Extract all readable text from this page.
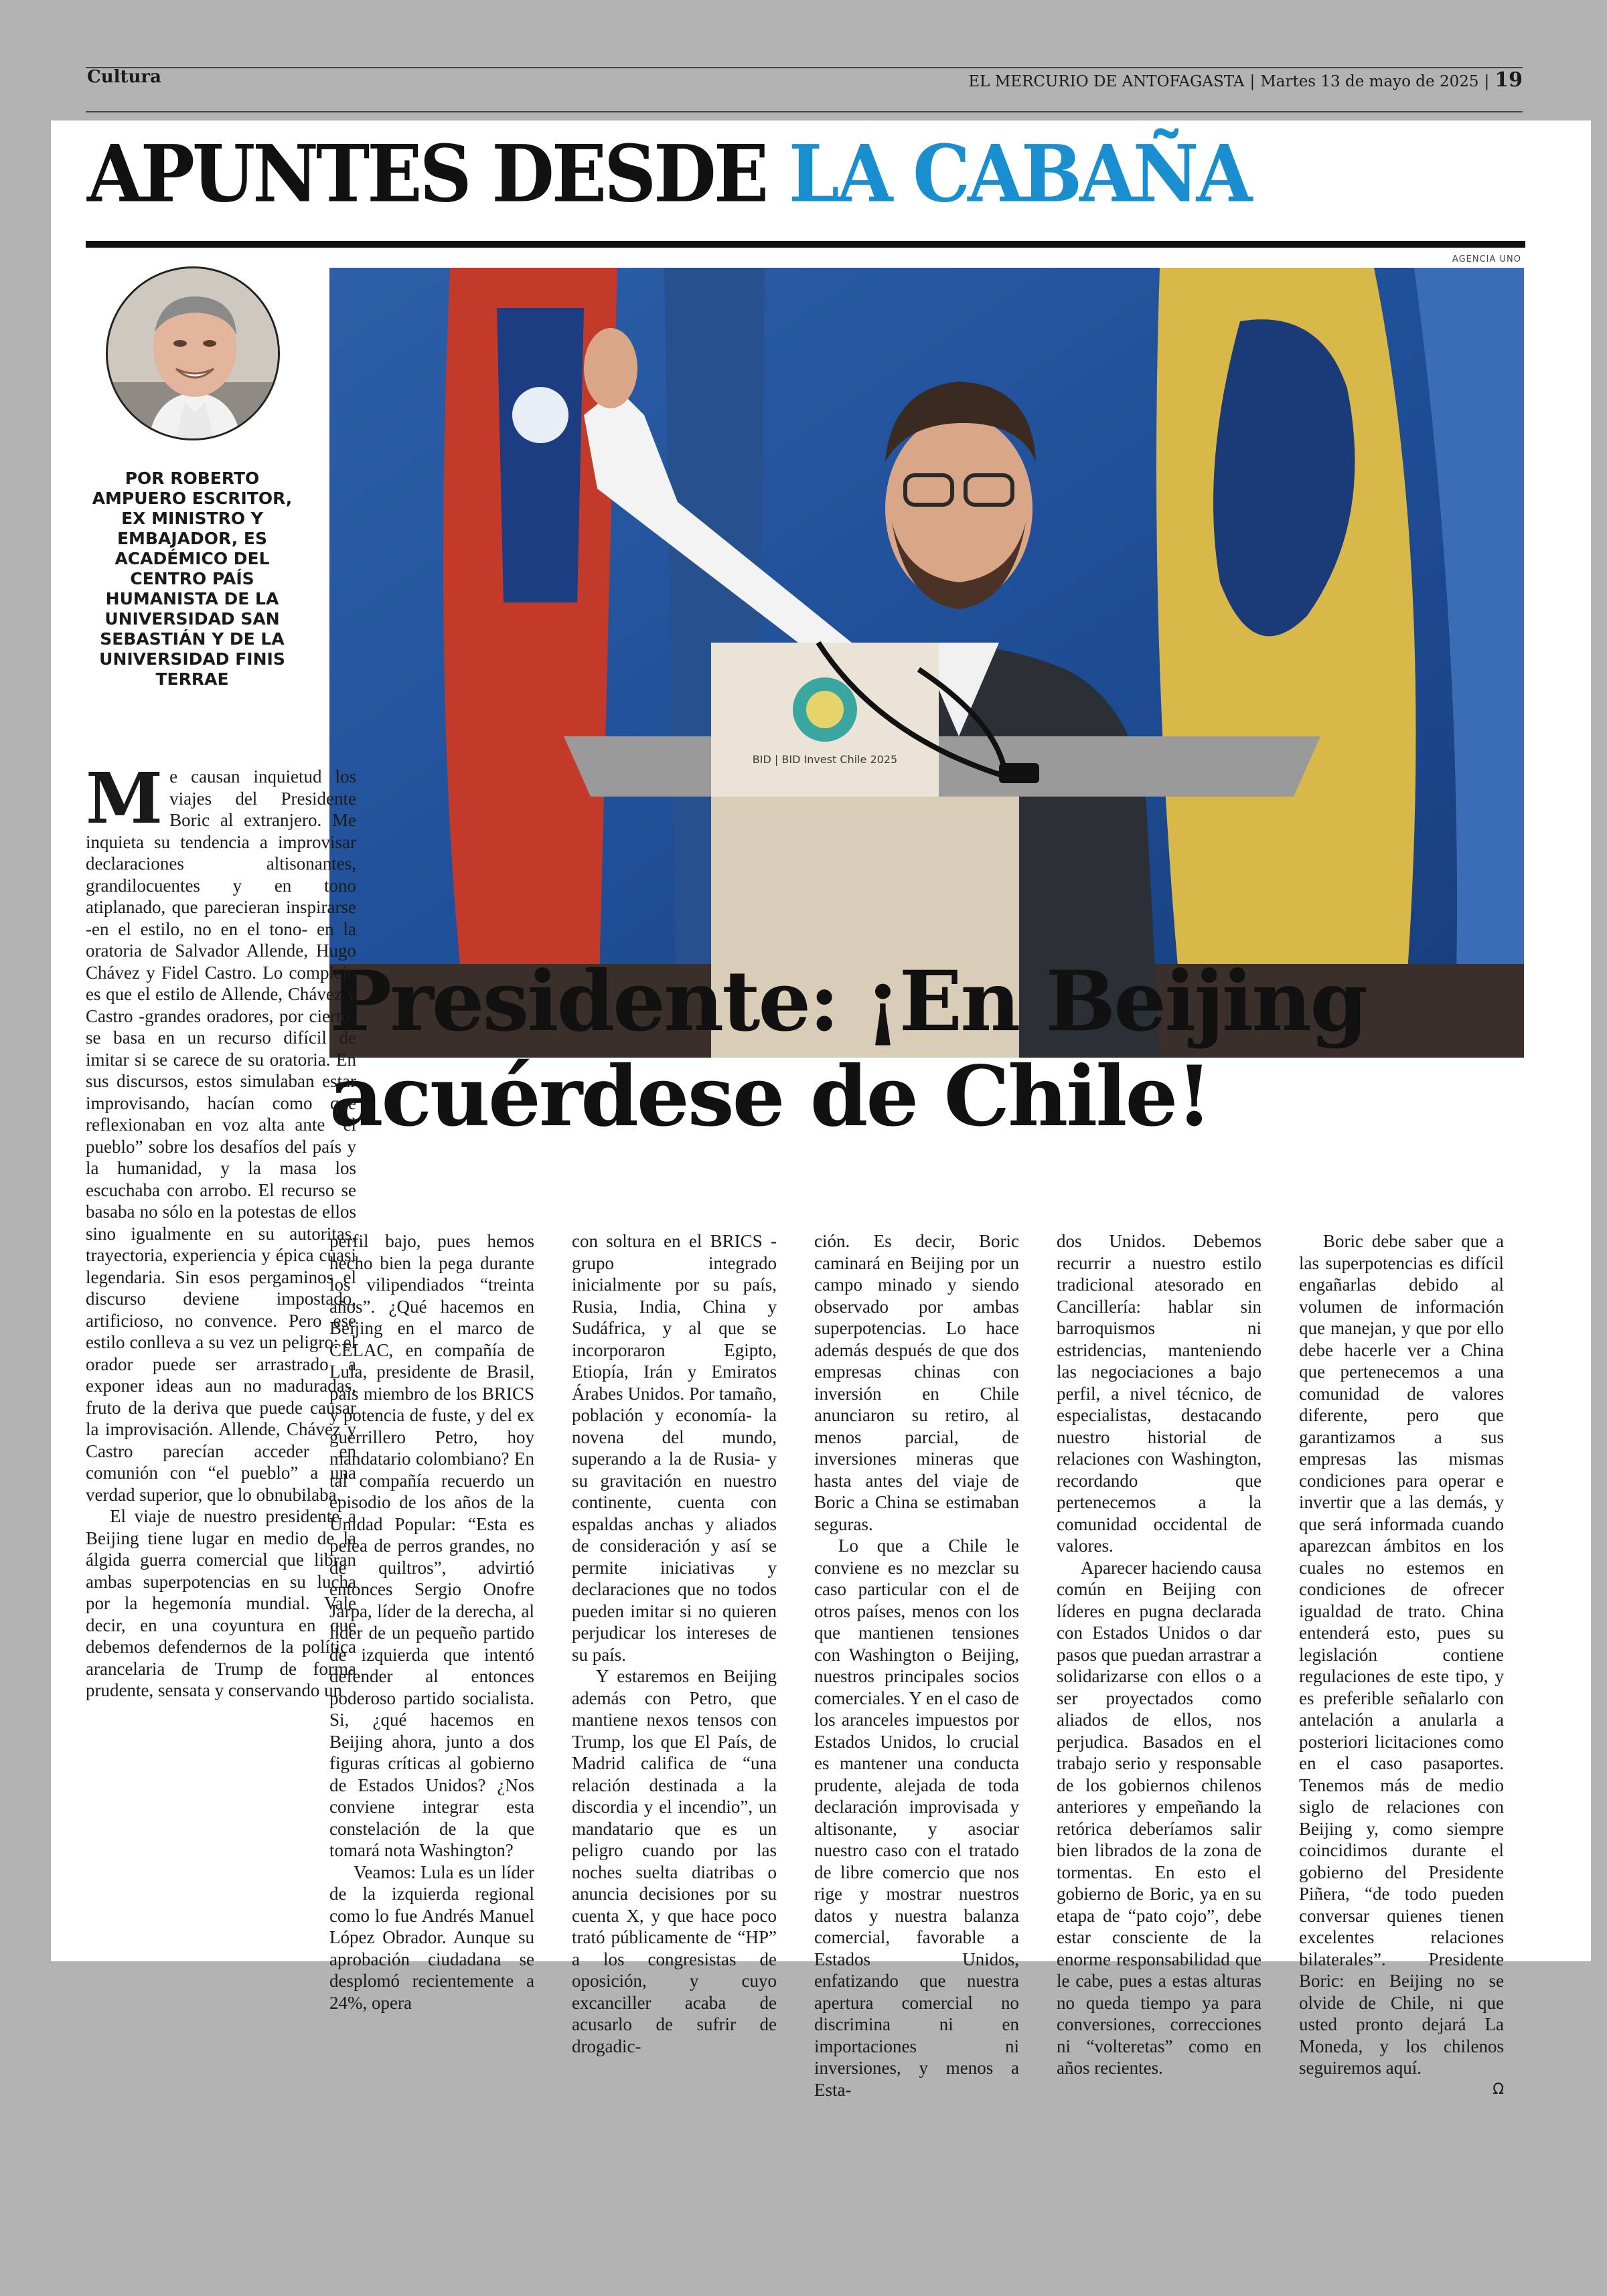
Cultura	EL MERCURIO DE ANTOFAGASTA | Martes 13 de mayo de 2025 | 19
APUNTES DESDE LA CABAÑA
AGENCIA UNO
POR ROBERTO AMPUERO ESCRITOR, EX MINISTRO Y EMBAJADOR, ES ACADÉMICO DEL CENTRO PAÍS HUMANISTA DE LA UNIVERSIDAD SAN SEBASTIÁN Y DE LA UNIVERSIDAD FINIS TERRAE
BID | BID Invest Chile 2025
Presidente: ¡En Beijing
acuérdese de Chile!

Me causan inquietud los viajes del Presidente Boric al extranjero. Me inquieta su tendencia a improvisar declaraciones altisonantes, grandilocuentes y en tono atiplanado, que parecieran inspirarse -en el estilo, no en el tono- en la oratoria de Salvador Allende, Hugo Chávez y Fidel Castro. Lo complejo es que el estilo de Allende, Chávez y Castro -grandes oradores, por cierto- se basa en un recurso difícil de imitar si se carece de su oratoria. En sus discursos, estos simulaban estar improvisando, hacían como que reflexionaban en voz alta ante “el pueblo” sobre los desafíos del país y la humanidad, y la masa los escuchaba con arrobo. El recurso se basaba no sólo en la potestas de ellos sino igualmente en su autoritas, trayectoria, experiencia y épica cuasi legendaria. Sin esos pergaminos el discurso deviene impostado, artificioso, no convence. Pero ese estilo conlleva a su vez un peligro: el orador puede ser arrastrado a exponer ideas aun no maduradas, fruto de la deriva que puede causar la improvisación. Allende, Chávez y Castro parecían acceder en comunión con “el pueblo” a una verdad superior, que lo obnubilaba.

El viaje de nuestro presidente a Beijing tiene lugar en medio de la álgida guerra comercial que libran ambas superpotencias en su lucha por la hegemonía mundial. Vale decir, en una coyuntura en que debemos defendernos de la política arancelaria de Trump de forma prudente, sensata y conservando un

perfil bajo, pues hemos hecho bien la pega durante los vilipendiados “treinta años”. ¿Qué hacemos en Beijing en el marco de CELAC, en compañía de Lula, presidente de Brasil, país miembro de los BRICS y potencia de fuste, y del ex guerrillero Petro, hoy mandatario colombiano? En tal compañía recuerdo un episodio de los años de la Unidad Popular: “Esta es pelea de perros grandes, no de quiltros”, advirtió entonces Sergio Onofre Jarpa, líder de la derecha, al líder de un pequeño partido de izquierda que intentó defender al entonces poderoso partido socialista. Si, ¿qué hacemos en Beijing ahora, junto a dos figuras críticas al gobierno de Estados Unidos? ¿Nos conviene integrar esta constelación de la que tomará nota Washington?

Veamos: Lula es un líder de la izquierda regional como lo fue Andrés Manuel López Obrador. Aunque su aprobación ciudadana se desplomó recientemente a 24%, opera

con soltura en el BRICS -grupo integrado inicialmente por su país, Rusia, India, China y Sudáfrica, y al que se incorporaron Egipto, Etiopía, Irán y Emiratos Árabes Unidos. Por tamaño, población y economía- la novena del mundo, superando a la de Rusia- y su gravitación en nuestro continente, cuenta con espaldas anchas y aliados de consideración y así se permite iniciativas y declaraciones que no todos pueden imitar si no quieren perjudicar los intereses de su país.

Y estaremos en Beijing además con Petro, que mantiene nexos tensos con Trump, los que El País, de Madrid califica de “una relación destinada a la discordia y el incendio”, un mandatario que es un peligro cuando por las noches suelta diatribas o anuncia decisiones por su cuenta X, y que hace poco trató públicamente de “HP” a los congresistas de oposición, y cuyo excanciller acaba de acusarlo de sufrir de drogadic-

ción. Es decir, Boric caminará en Beijing por un campo minado y siendo observado por ambas superpotencias. Lo hace además después de que dos empresas chinas con inversión en Chile anunciaron su retiro, al menos parcial, de inversiones mineras que hasta antes del viaje de Boric a China se estimaban seguras.

Lo que a Chile le conviene es no mezclar su caso particular con el de otros países, menos con los que mantienen tensiones con Washington o Beijing, nuestros principales socios comerciales. Y en el caso de los aranceles impuestos por Estados Unidos, lo crucial es mantener una conducta prudente, alejada de toda declaración improvisada y altisonante, y asociar nuestro caso con el tratado de libre comercio que nos rige y mostrar nuestros datos y nuestra balanza comercial, favorable a Estados Unidos, enfatizando que nuestra apertura comercial no discrimina ni en importaciones ni inversiones, y menos a Esta-

dos Unidos. Debemos recurrir a nuestro estilo tradicional atesorado en Cancillería: hablar sin barroquismos ni estridencias, manteniendo las negociaciones a bajo perfil, a nivel técnico, de especialistas, destacando nuestro historial de relaciones con Washington, recordando que pertenecemos a la comunidad occidental de valores.

Aparecer haciendo causa común en Beijing con líderes en pugna declarada con Estados Unidos o dar pasos que puedan arrastrar a solidarizarse con ellos o a ser proyectados como aliados de ellos, nos perjudica. Basados en el trabajo serio y responsable de los gobiernos chilenos anteriores y empeñando la retórica deberíamos salir bien librados de la zona de tormentas. En esto el gobierno de Boric, ya en su etapa de “pato cojo”, debe estar consciente de la enorme responsabilidad que le cabe, pues a estas alturas no queda tiempo ya para conversiones, correcciones ni “volteretas” como en años recientes.

Boric debe saber que a las superpotencias es difícil engañarlas debido al volumen de información que manejan, y que por ello debe hacerle ver a China que pertenecemos a una comunidad de valores diferente, pero que garantizamos a sus empresas las mismas condiciones para operar e invertir que a las demás, y que será informada cuando aparezcan ámbitos en los cuales no estemos en condiciones de ofrecer igualdad de trato. China entenderá esto, pues su legislación contiene regulaciones de este tipo, y es preferible señalarlo con antelación a anularla a posteriori licitaciones como en el caso pasaportes. Tenemos más de medio siglo de relaciones con Beijing y, como siempre coincidimos durante el gobierno del Presidente Piñera, “de todo pueden conversar quienes tienen excelentes relaciones bilaterales”. Presidente Boric: en Beijing no se olvide de Chile, ni que usted pronto dejará La Moneda, y los chilenos seguiremos aquí.

Ω
